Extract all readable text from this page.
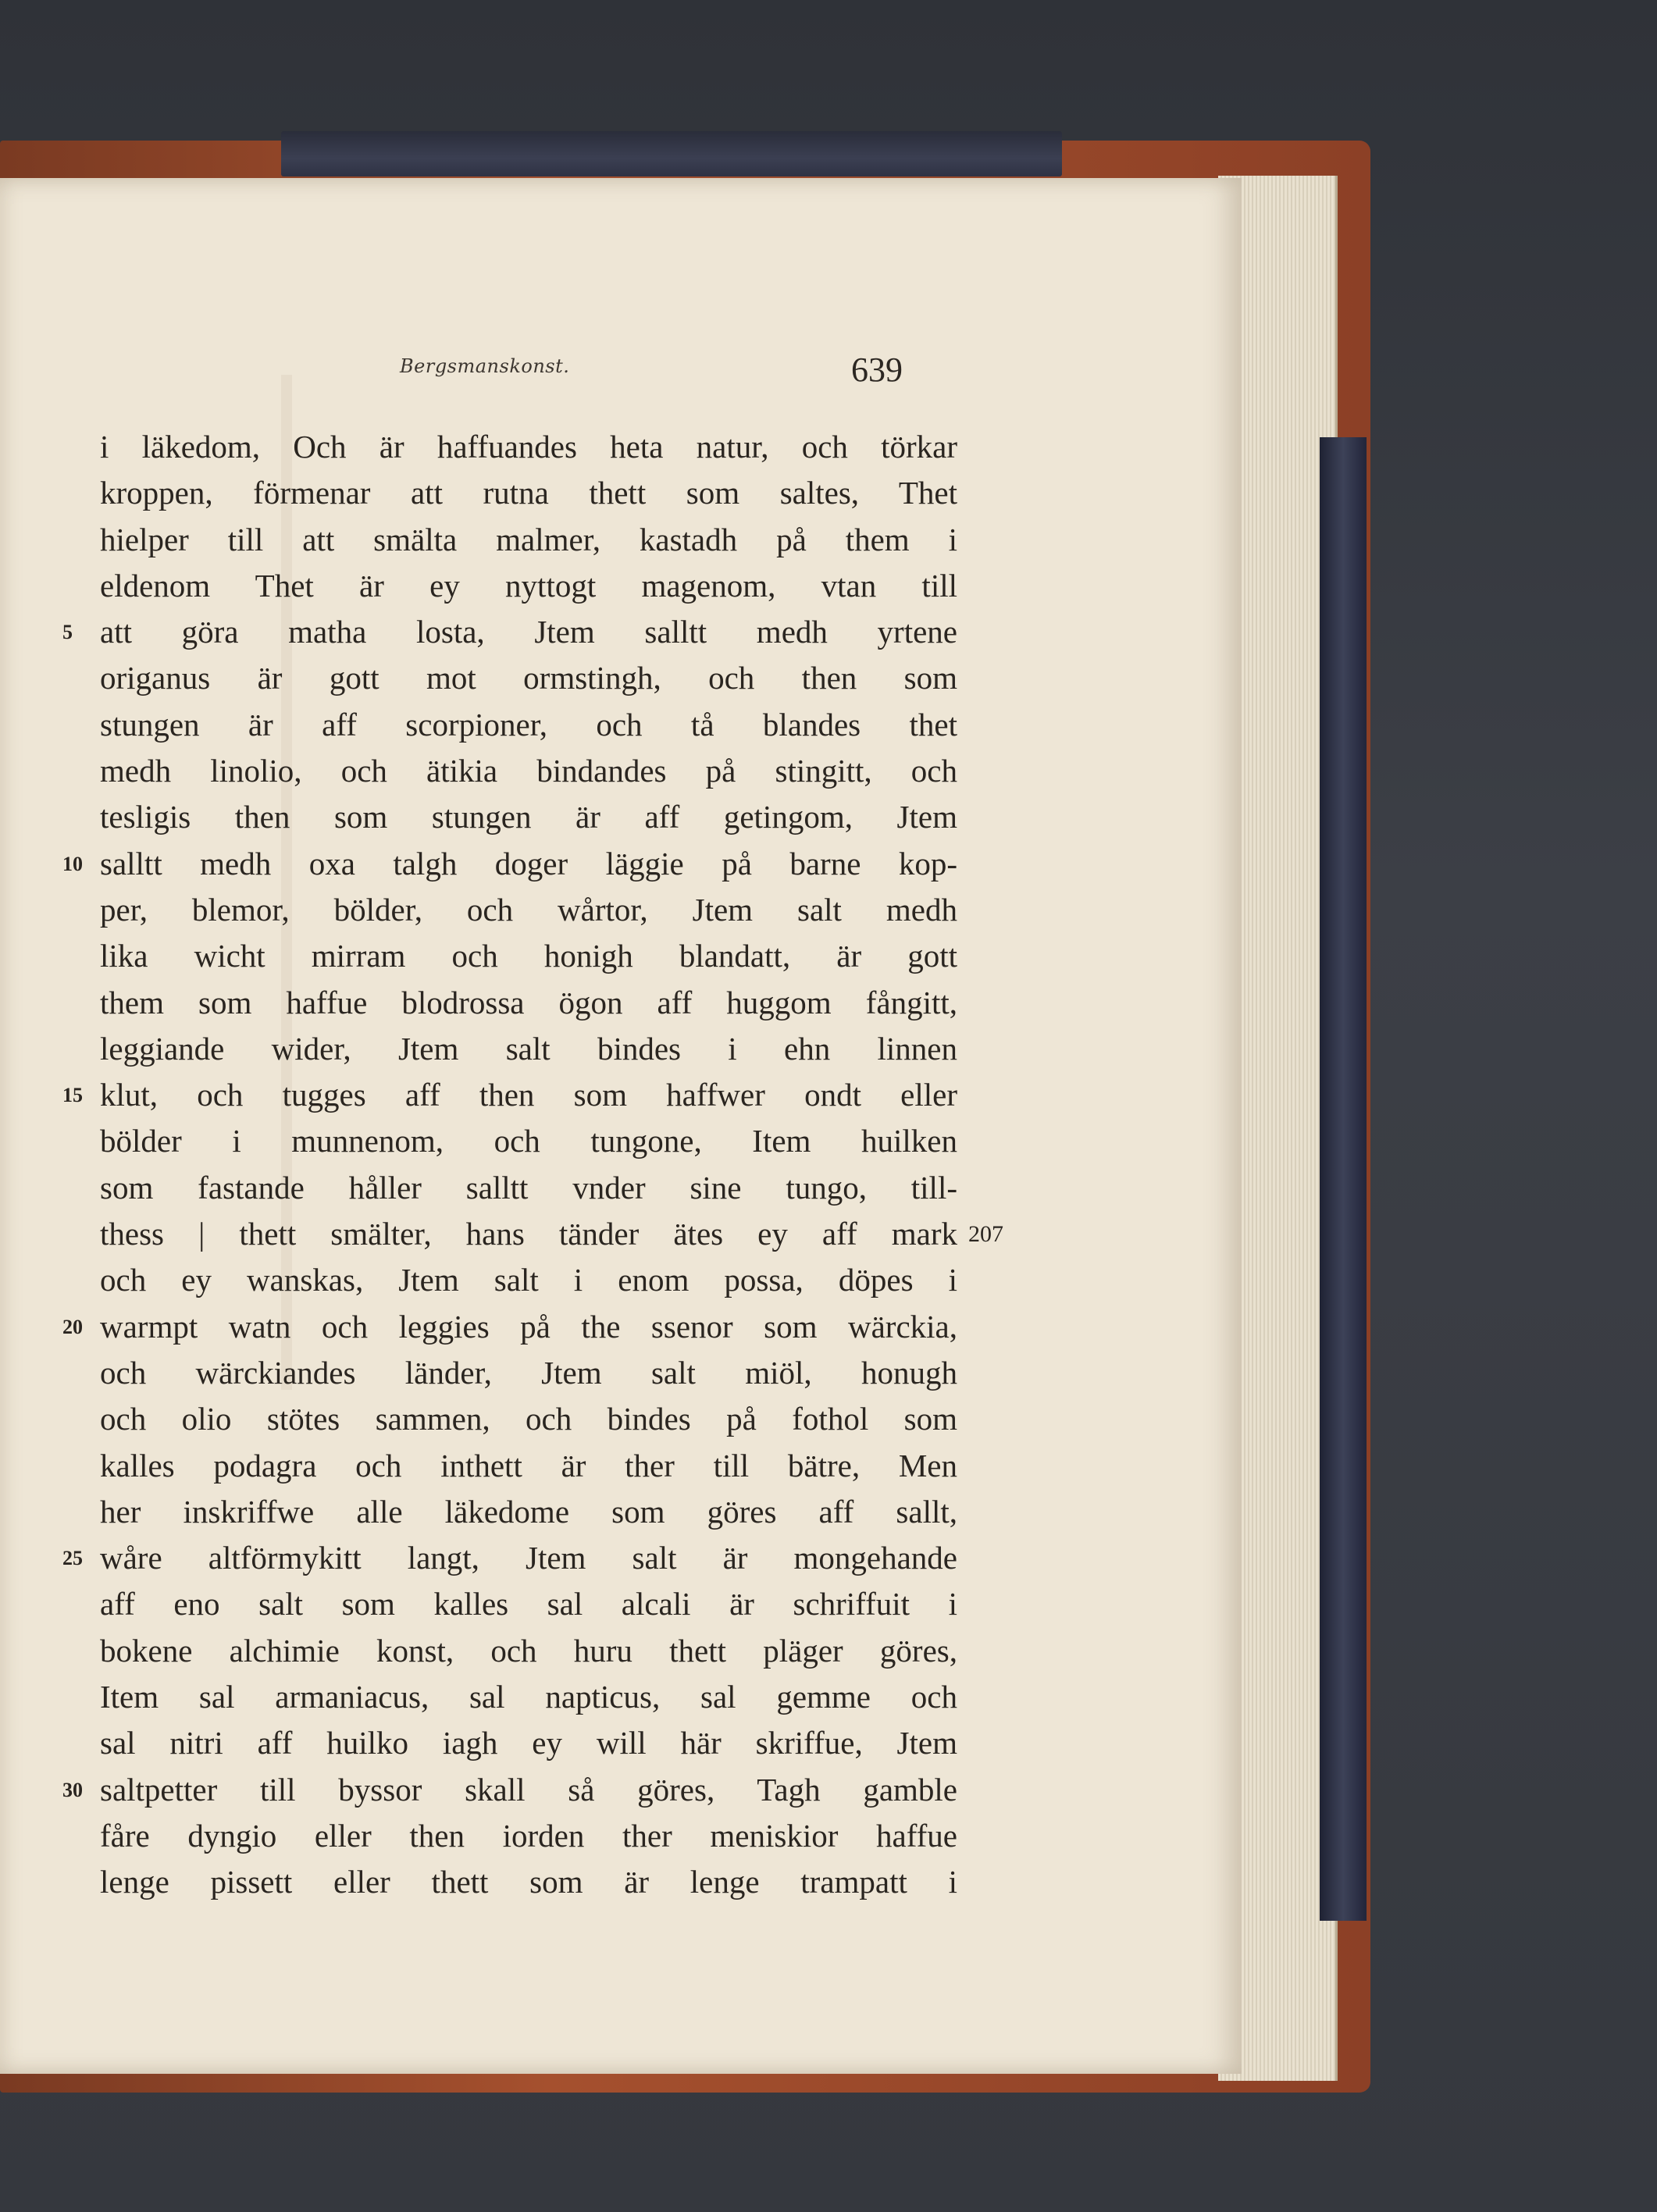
Bergsmanskonst.	639
i läkedom, Och är haffuandes heta natur, och törkar
kroppen, förmenar att rutna thett som saltes, Thet
hielper till att smälta malmer, kastadh på them i
eldenom Thet är ey nyttogt magenom, vtan till
5 att göra matha losta, Jtem salltt medh yrtene
origanus är gott mot ormstingh, och then som
stungen är aff scorpioner, och tå blandes thet
medh linolio, och ätikia bindandes på stingitt, och
tesligis then som stungen är aff getingom, Jtem
10 salltt medh oxa talgh doger läggie på barne kop-
per, blemor, bölder, och wårtor, Jtem salt medh
lika wicht mirram och honigh blandatt, är gott
them som haffue blodrossa ögon aff huggom fångitt,
leggiande wider, Jtem salt bindes i ehn linnen
15 klut, och tugges aff then som haffwer ondt eller
bölder i munnenom, och tungone, Item huilken
som fastande håller salltt vnder sine tungo, till-
thess | thett smälter, hans tänder ätes ey aff mark 207
och ey wanskas, Jtem salt i enom possa, döpes i
20 warmpt watn och leggies på the ssenor som wärckia,
och wärckiandes länder, Jtem salt miöl, honugh
och olio stötes sammen, och bindes på fothol som
kalles podagra och inthett är ther till bätre, Men
her inskriffwe alle läkedome som göres aff sallt,
25 wåre altförmykitt langt, Jtem salt är mongehande
aff eno salt som kalles sal alcali är schriffuit i
bokene alchimie konst, och huru thett pläger göres,
Item sal armaniacus, sal napticus, sal gemme och
sal nitri aff huilko iagh ey will här skriffue, Jtem
30 saltpetter till byssor skall så göres, Tagh gamble
fåre dyngio eller then iorden ther meniskior haffue
lenge pissett eller thett som är lenge trampatt i
